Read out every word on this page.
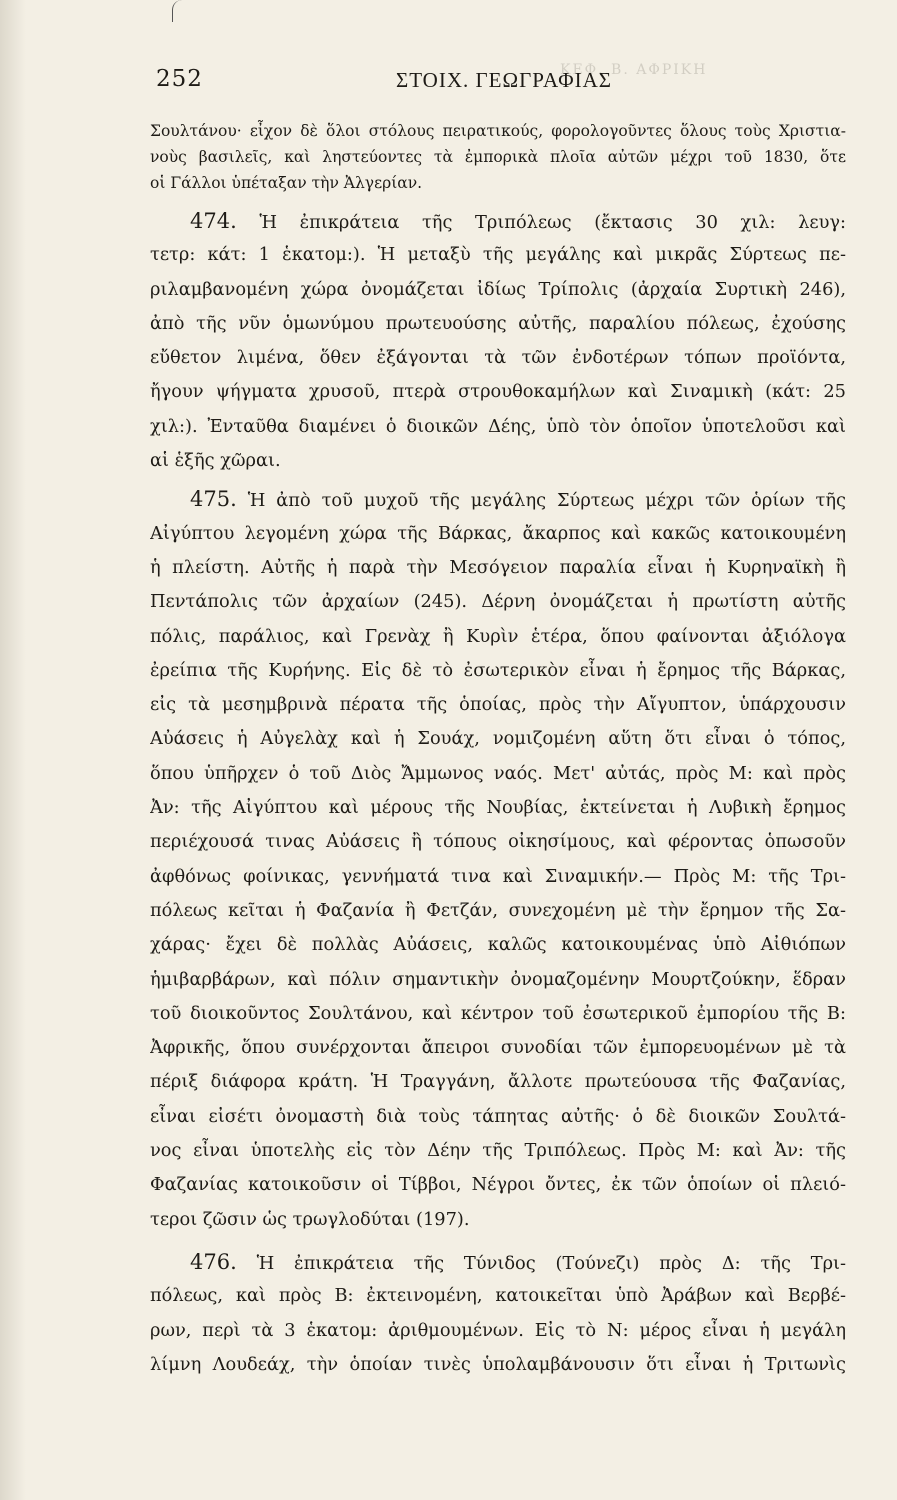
ΚΕΦ. Β. ΑΦΡΙΚΗ
252	ΣΤΟΙΧ. ΓΕΩΓΡΑΦΙΑΣ
Σουλτάνου· εἶχον δὲ ὅλοι στόλους πειρατικούς, φορολογοῦντες ὅλους τοὺς Χριστια-
νοὺς βασιλεῖς, καὶ ληστεύοντες τὰ ἐμπορικὰ πλοῖα αὐτῶν μέχρι τοῦ 1830, ὅτε
οἱ Γάλλοι ὑπέταξαν τὴν Ἀλγερίαν.
474. Ἡ ἐπικράτεια τῆς Τριπόλεως (ἔκτασις 30 χιλ: λευγ:
τετρ: κάτ: 1 ἑκατομ:). Ἡ μεταξὺ τῆς μεγάλης καὶ μικρᾶς Σύρτεως πε-
ριλαμβανομένη χώρα ὀνομάζεται ἰδίως Τρίπολις (ἀρχαία Συρτικὴ 246),
ἀπὸ τῆς νῦν ὁμωνύμου πρωτευούσης αὐτῆς, παραλίου πόλεως, ἐχούσης
εὔθετον λιμένα, ὅθεν ἐξάγονται τὰ τῶν ἐνδοτέρων τόπων προϊόντα,
ἤγουν ψήγματα χρυσοῦ, πτερὰ στρουθοκαμήλων καὶ Σιναμικὴ (κάτ: 25
χιλ:). Ἐνταῦθα διαμένει ὁ διοικῶν Δέης, ὑπὸ τὸν ὁποῖον ὑποτελοῦσι καὶ
αἱ ἑξῆς χῶραι.
475. Ἡ ἀπὸ τοῦ μυχοῦ τῆς μεγάλης Σύρτεως μέχρι τῶν ὁρίων τῆς
Αἰγύπτου λεγομένη χώρα τῆς Βάρκας, ἄκαρπος καὶ κακῶς κατοικουμένη
ἡ πλείστη. Αὐτῆς ἡ παρὰ τὴν Μεσόγειον παραλία εἶναι ἡ Κυρηναϊκὴ ἢ
Πεντάπολις τῶν ἀρχαίων (245). Δέρνη ὀνομάζεται ἡ πρωτίστη αὐτῆς
πόλις, παράλιος, καὶ Γρενὰχ ἢ Κυρὶν ἑτέρα, ὅπου φαίνονται ἀξιόλογα
ἐρείπια τῆς Κυρήνης. Εἰς δὲ τὸ ἐσωτερικὸν εἶναι ἡ ἔρημος τῆς Βάρκας,
εἰς τὰ μεσημβρινὰ πέρατα τῆς ὁποίας, πρὸς τὴν Αἴγυπτον, ὑπάρχουσιν
Αὐάσεις ἡ Αὐγελὰχ καὶ ἡ Σουάχ, νομιζομένη αὕτη ὅτι εἶναι ὁ τόπος,
ὅπου ὑπῆρχεν ὁ τοῦ Διὸς Ἄμμωνος ναός. Μετ' αὐτάς, πρὸς Μ: καὶ πρὸς
Ἀν: τῆς Αἰγύπτου καὶ μέρους τῆς Νουβίας, ἐκτείνεται ἡ Λυβικὴ ἔρημος
περιέχουσά τινας Αὐάσεις ἢ τόπους οἰκησίμους, καὶ φέροντας ὁπωσοῦν
ἀφθόνως φοίνικας, γεννήματά τινα καὶ Σιναμικήν.— Πρὸς Μ: τῆς Τρι-
πόλεως κεῖται ἡ Φαζανία ἢ Φετζάν, συνεχομένη μὲ τὴν ἔρημον τῆς Σα-
χάρας· ἔχει δὲ πολλὰς Αὐάσεις, καλῶς κατοικουμένας ὑπὸ Αἰθιόπων
ἡμιβαρβάρων, καὶ πόλιν σημαντικὴν ὀνομαζομένην Μουρτζούκην, ἕδραν
τοῦ διοικοῦντος Σουλτάνου, καὶ κέντρον τοῦ ἐσωτερικοῦ ἐμπορίου τῆς Β:
Ἀφρικῆς, ὅπου συνέρχονται ἄπειροι συνοδίαι τῶν ἐμπορευομένων μὲ τὰ
πέριξ διάφορα κράτη. Ἡ Τραγγάνη, ἄλλοτε πρωτεύουσα τῆς Φαζανίας,
εἶναι εἰσέτι ὀνομαστὴ διὰ τοὺς τάπητας αὐτῆς· ὁ δὲ διοικῶν Σουλτά-
νος εἶναι ὑποτελὴς εἰς τὸν Δέην τῆς Τριπόλεως. Πρὸς Μ: καὶ Ἀν: τῆς
Φαζανίας κατοικοῦσιν οἱ Τίββοι, Νέγροι ὄντες, ἐκ τῶν ὁποίων οἱ πλειό-
τεροι ζῶσιν ὡς τρωγλοδύται (197).
476. Ἡ ἐπικράτεια τῆς Τύνιδος (Τούνεζι) πρὸς Δ: τῆς Τρι-
πόλεως, καὶ πρὸς Β: ἐκτεινομένη, κατοικεῖται ὑπὸ Ἀράβων καὶ Βερβέ-
ρων, περὶ τὰ 3 ἑκατομ: ἀριθμουμένων. Εἰς τὸ Ν: μέρος εἶναι ἡ μεγάλη
λίμνη Λουδεάχ, τὴν ὁποίαν τινὲς ὑπολαμβάνουσιν ὅτι εἶναι ἡ Τριτωνὶς
